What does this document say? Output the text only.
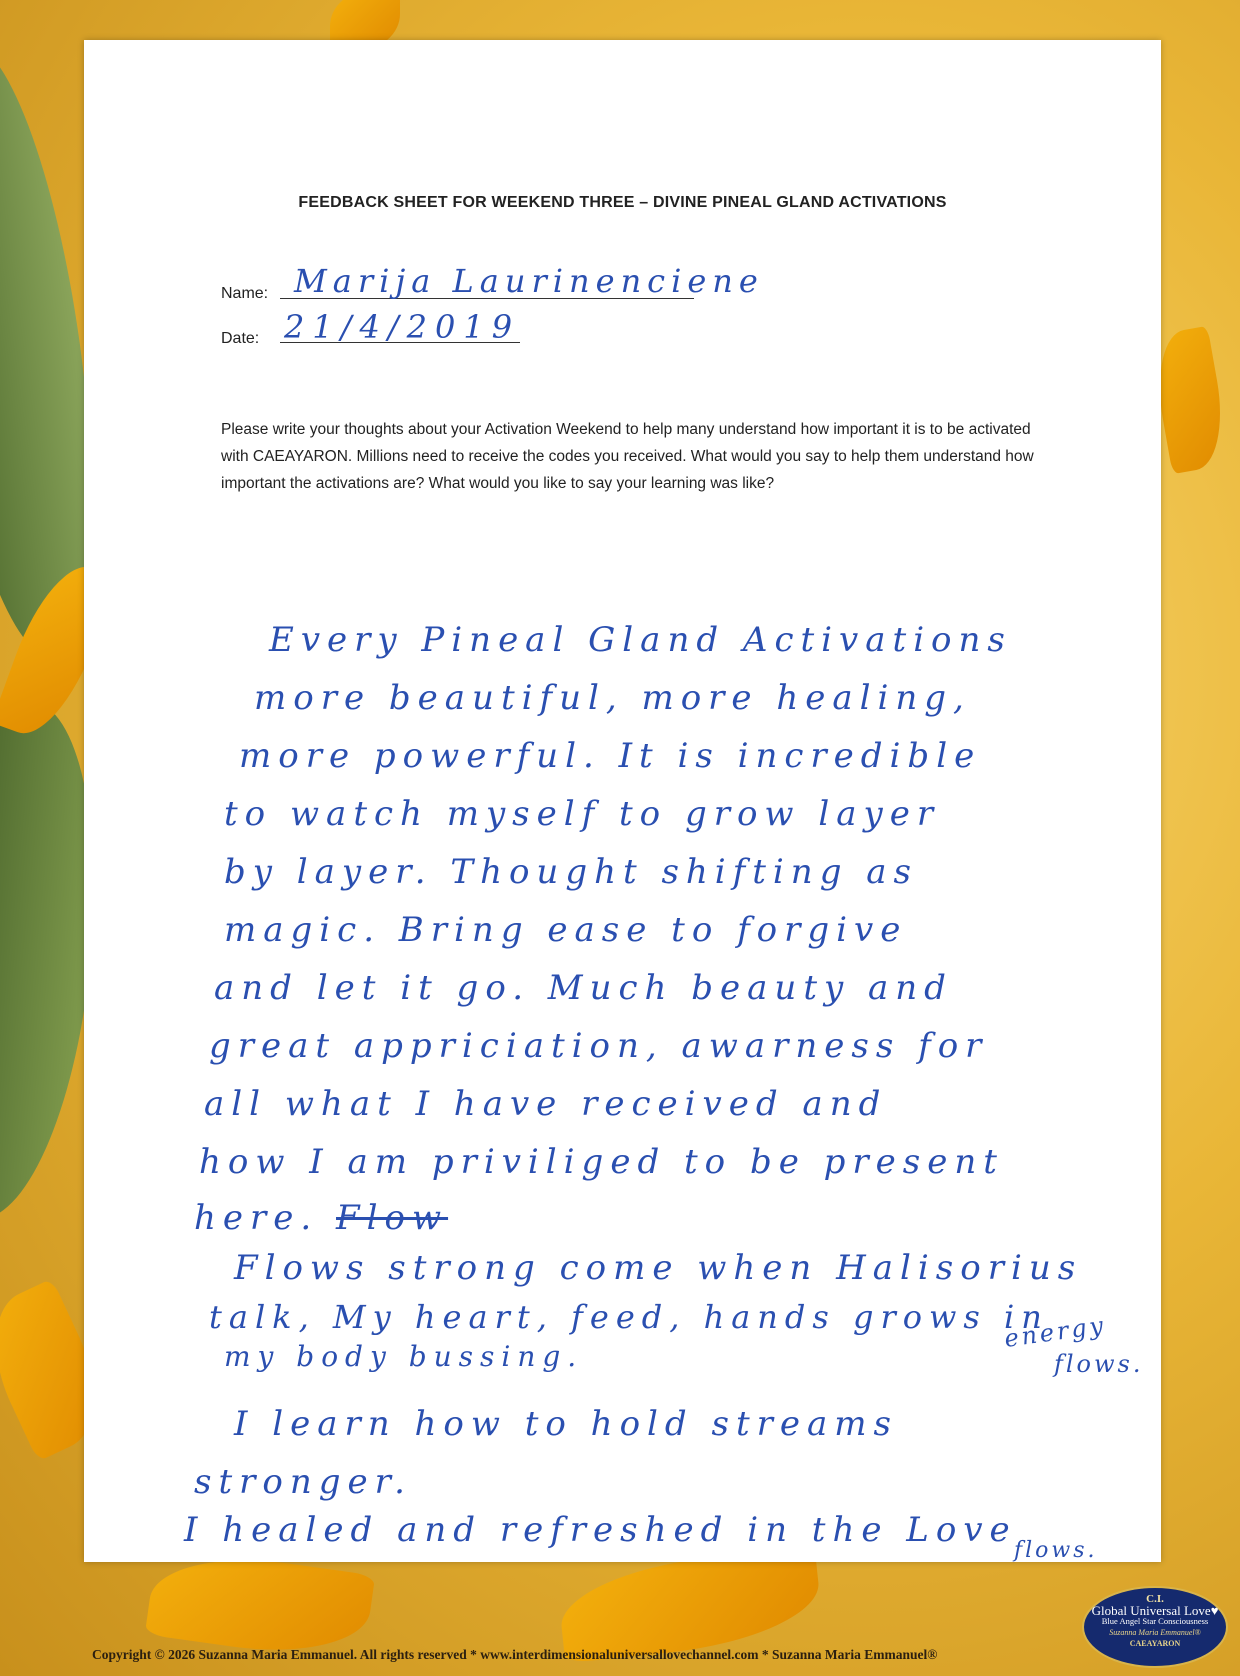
FEEDBACK SHEET FOR WEEKEND THREE – DIVINE PINEAL GLAND ACTIVATIONS
Name: Marija Laurinenciene
Date: 21/4/2019
Please write your thoughts about your Activation Weekend to help many understand how important it is to be activated with CAEAYARON. Millions need to receive the codes you received. What would you say to help them understand how important the activations are? What would you like to say your learning was like?
Every Pineal Gland Activations
more beautiful, more healing,
more powerful. It is incredible
to watch myself to grow layer
by layer. Thought shifting as
magic. Bring ease to forgive
and let it go. Much beauty and
great appriciation, awarness for
all what I have received and
how I am priviliged to be present
here. Flow
Flows strong come when Halisorius
talk, My heart, feed, hands grows in
my body bussing.
energy
flows.
I learn how to hold streams
stronger.
I healed and refreshed in the Love
flows.
Copyright © 2026 Suzanna Maria Emmanuel. All rights reserved * www.interdimensionaluniversallovechannel.com * Suzanna Maria Emmanuel®
C.I.
Global Universal Love♥
Blue Angel Star Consciousness
Suzanna Maria Emmanuel®
CAEAYARON
